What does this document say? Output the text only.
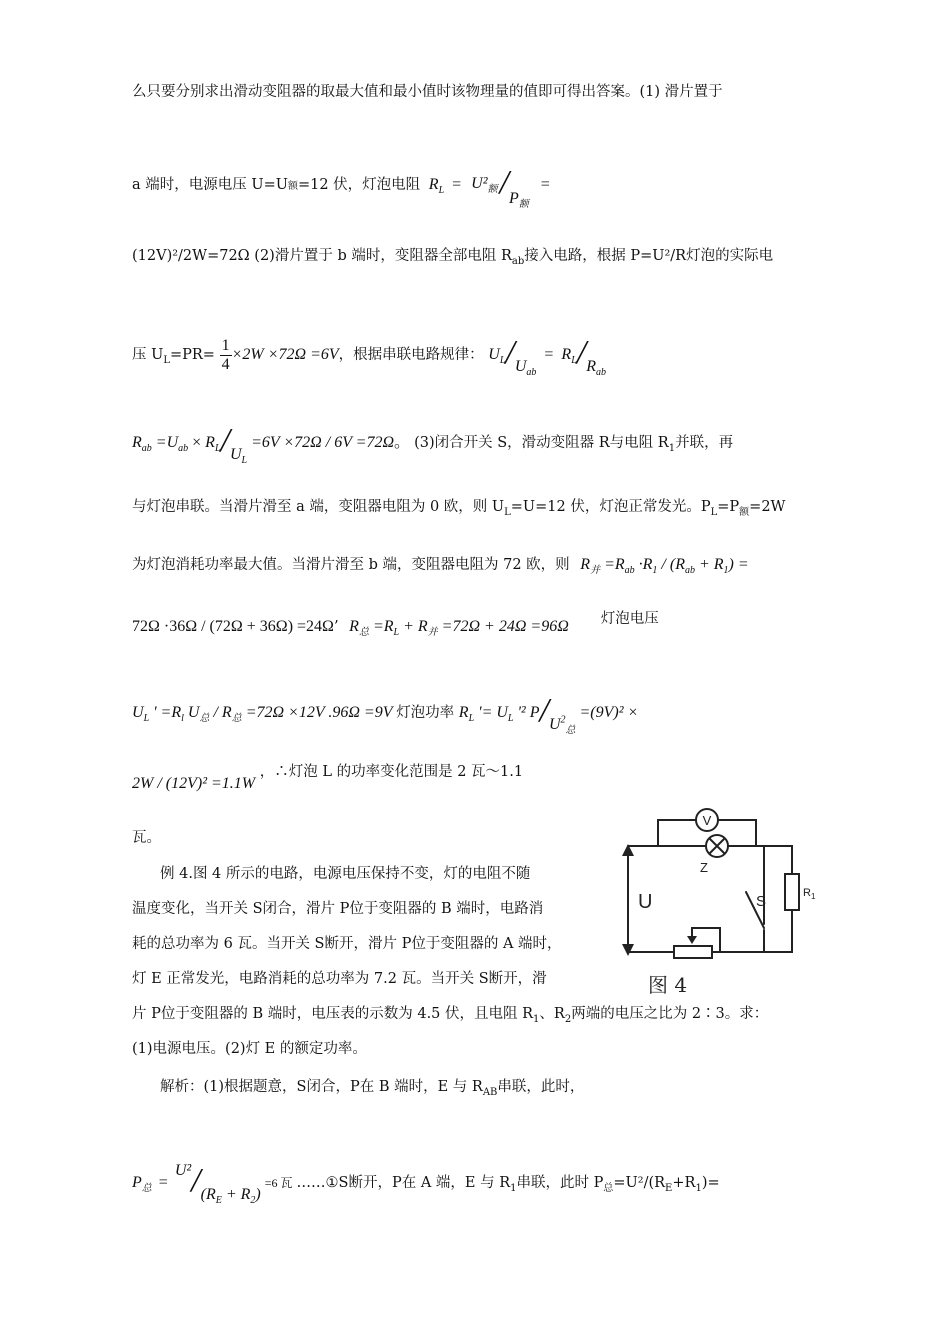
么只要分别求出滑动变阻器的取最大值和最小值时该物理量的值即可得出答案。(1) 滑片置于
a 端时，电源电压 U=U额=12 伏，灯泡电阻 $R_L = U^2_额$ $/P_额$ =
(12V)²/2W=72Ω (2)滑片置于 b 端时，变阻器全部电阻 $R_{ab}$接入电路，根据 P=U²/R灯泡的实际电
压 $U_L=PR= \frac{1}{4} \times 2W \times 72\Omega =6V$，根据串联电路规律： $U_L/U_{ab} = R_L/R_{ab}$
$R_{ab} =U_{ab} \times R_L/U_L =6V \times 72\Omega / 6V =72\Omega$。 (3)闭合开关 S，滑动变阻器 R与电阻 $R_1$并联，再
与灯泡串联。当滑片滑至 a 端，变阻器电阻为 0 欧，则 $U_L=U=12$ 伏，灯泡正常发光。$P_L=P_额=2W$
为灯泡消耗功率最大值。当滑片滑至 b 端，变阻器电阻为 72 欧，则 $R_并 =R_{ab} \cdot R_1 / (R_{ab} + R_1)$ =
72Ω ·36Ω / (72Ω + 36Ω) =24Ω’ $R_总 =R_L + R_并 =72\Omega + 24\Omega =96\Omega$ 灯泡电压
$U_L$ ' $=R_l$ $U_总 / R_总 =72\Omega \times 12V$ .96Ω =9V 灯泡功率 $R_L$ '= $U_L$ '² $P/U^2_总 =(9V)^2$ ×
2W / (12V)² =1.1W ，∴灯泡 L 的功率变化范围是 2 瓦～1.1
瓦。
例 4.图 4 所示的电路，电源电压保持不变，灯的电阻不随
温度变化，当开关 S闭合，滑片 P位于变阻器的 B 端时，电路消
耗的总功率为 6 瓦。当开关 S断开，滑片 P位于变阻器的 A 端时，
灯 E 正常发光，电路消耗的总功率为 7.2 瓦。当开关 S断开，滑
片 P位于变阻器的 B 端时，电压表的示数为 4.5 伏，且电阻 $R_1$、$R_2$两端的电压之比为 2∶3。求：
(1)电源电压。(2)灯 E 的额定功率。
解析：(1)根据题意，S闭合，P在 B 端时，E 与 $R_{AB}$串联，此时，
$P_总 = U^2/(R_E + R_2) =6$ 瓦 ……①S断开，P在 A 端，E 与 $R_1$串联，此时 $P_总=U^2/(R_E+R_1)=$
V
Z
U	S	$R_1$
图 4
